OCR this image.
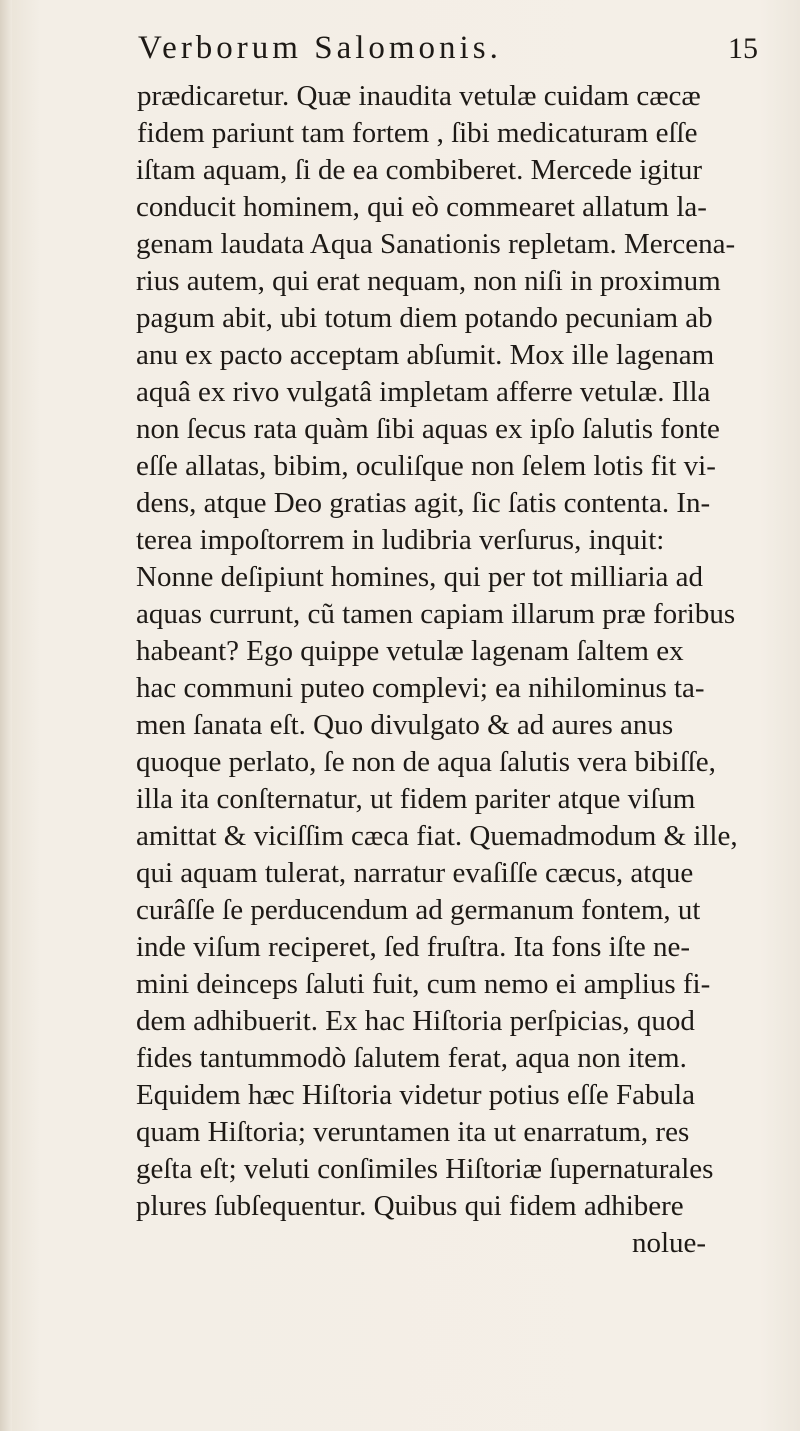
Verborum Salomonis.	15
prædicaretur. Quæ inaudita vetulæ cuidam cæcæ
fidem pariunt tam fortem , ſibi medicaturam eſſe
iſtam aquam, ſi de ea combiberet. Mercede igitur
conducit hominem, qui eò commearet allatum la-
genam laudata Aqua Sanationis repletam. Mercena-
rius autem, qui erat nequam, non niſi in proximum
pagum abit, ubi totum diem potando pecuniam ab
anu ex pacto acceptam abſumit. Mox ille lagenam
aquâ ex rivo vulgatâ impletam afferre vetulæ. Illa
non ſecus rata quàm ſibi aquas ex ipſo ſalutis fonte
eſſe allatas, bibim, oculiſque non ſelem lotis fit vi-
dens, atque Deo gratias agit, ſic ſatis contenta. In-
terea impoſtorrem in ludibria verſurus, inquit:
Nonne deſipiunt homines, qui per tot milliaria ad
aquas currunt, cũ tamen capiam illarum præ foribus
habeant? Ego quippe vetulæ lagenam ſaltem ex
hac communi puteo complevi; ea nihilominus ta-
men ſanata eſt. Quo divulgato & ad aures anus
quoque perlato, ſe non de aqua ſalutis vera bibiſſe,
illa ita conſternatur, ut fidem pariter atque viſum
amittat & viciſſim cæca fiat. Quemadmodum & ille,
qui aquam tulerat, narratur evaſiſſe cæcus, atque
curâſſe ſe perducendum ad germanum fontem, ut
inde viſum reciperet, ſed fruſtra. Ita fons iſte ne-
mini deinceps ſaluti fuit, cum nemo ei amplius fi-
dem adhibuerit. Ex hac Hiſtoria perſpicias, quod
fides tantummodò ſalutem ferat, aqua non item.
Equidem hæc Hiſtoria videtur potius eſſe Fabula
quam Hiſtoria; veruntamen ita ut enarratum, res
geſta eſt; veluti conſimiles Hiſtoriæ ſupernaturales
plures ſubſequentur. Quibus qui fidem adhibere
nolue-
